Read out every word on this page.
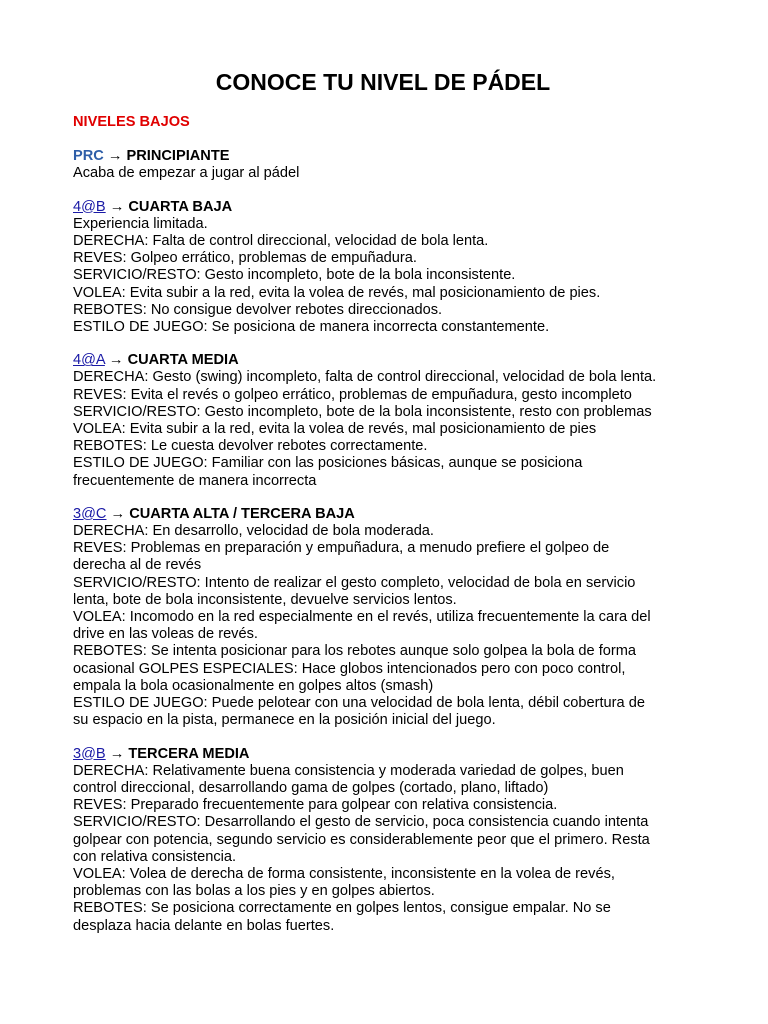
CONOCE TU NIVEL DE PÁDEL
NIVELES BAJOS
PRC → PRINCIPIANTE
Acaba de empezar a jugar al pádel
4@B → CUARTA BAJA
Experiencia limitada.
DERECHA: Falta de control direccional, velocidad de bola lenta.
REVES: Golpeo errático, problemas de empuñadura.
SERVICIO/RESTO: Gesto incompleto, bote de la bola inconsistente.
VOLEA: Evita subir a la red, evita la volea de revés, mal posicionamiento de pies.
REBOTES: No consigue devolver rebotes direccionados.
ESTILO DE JUEGO: Se posiciona de manera incorrecta constantemente.
4@A → CUARTA MEDIA
DERECHA: Gesto (swing) incompleto, falta de control direccional, velocidad de bola lenta.
REVES: Evita el revés o golpeo errático, problemas de empuñadura, gesto incompleto
SERVICIO/RESTO: Gesto incompleto, bote de la bola inconsistente, resto con problemas
VOLEA: Evita subir a la red, evita la volea de revés, mal posicionamiento de pies
REBOTES: Le cuesta devolver rebotes correctamente.
ESTILO DE JUEGO: Familiar con las posiciones básicas, aunque se posiciona
frecuentemente de manera incorrecta
3@C → CUARTA ALTA / TERCERA BAJA
DERECHA: En desarrollo, velocidad de bola moderada.
REVES: Problemas en preparación y empuñadura, a menudo prefiere el golpeo de
derecha al de revés
SERVICIO/RESTO: Intento de realizar el gesto completo, velocidad de bola en servicio
lenta, bote de bola inconsistente, devuelve servicios lentos.
VOLEA: Incomodo en la red especialmente en el revés, utiliza frecuentemente la cara del
drive en las voleas de revés.
REBOTES: Se intenta posicionar para los rebotes aunque solo golpea la bola de forma
ocasional GOLPES ESPECIALES: Hace globos intencionados pero con poco control,
empala la bola ocasionalmente en golpes altos (smash)
ESTILO DE JUEGO: Puede pelotear con una velocidad de bola lenta, débil cobertura de
su espacio en la pista, permanece en la posición inicial del juego.
3@B → TERCERA MEDIA
DERECHA: Relativamente buena consistencia y moderada variedad de golpes, buen
control direccional, desarrollando gama de golpes (cortado, plano, liftado)
REVES: Preparado frecuentemente para golpear con relativa consistencia.
SERVICIO/RESTO: Desarrollando el gesto de servicio, poca consistencia cuando intenta
golpear con potencia, segundo servicio es considerablemente peor que el primero. Resta
con relativa consistencia.
VOLEA: Volea de derecha de forma consistente, inconsistente en la volea de revés,
problemas con las bolas a los pies y en golpes abiertos.
REBOTES: Se posiciona correctamente en golpes lentos, consigue empalar. No se
desplaza hacia delante en bolas fuertes.
